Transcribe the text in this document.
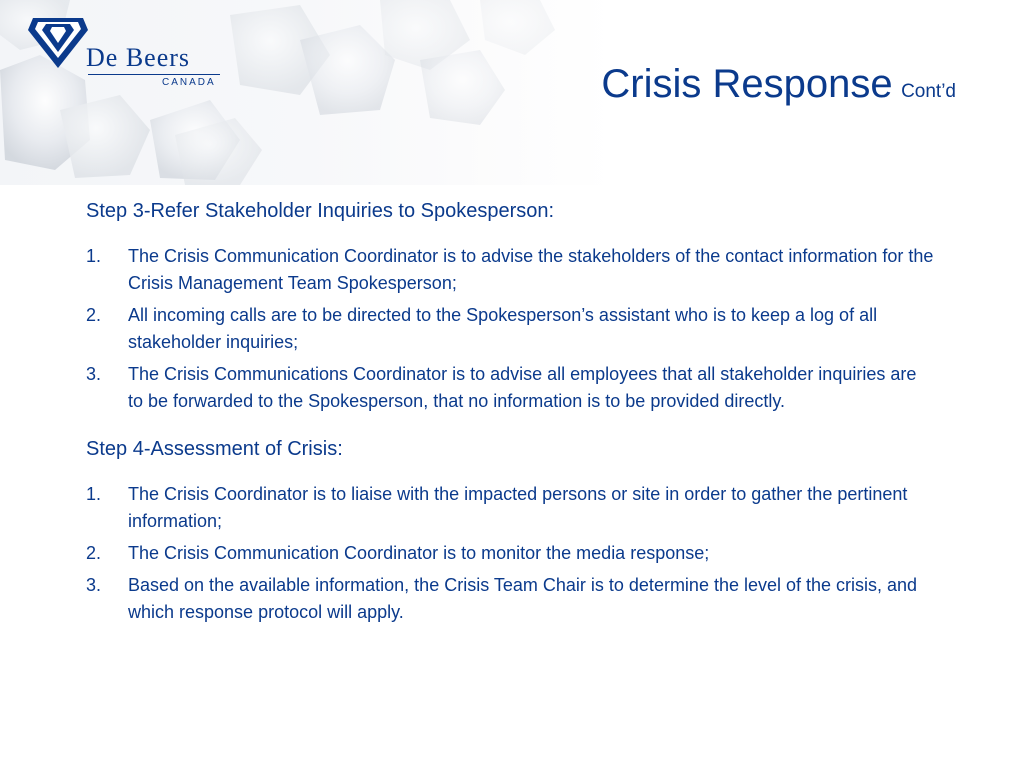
De Beers
CANADA	Crisis Response Cont’d
Step 3-Refer Stakeholder Inquiries to Spokesperson:
1. The Crisis Communication Coordinator is to advise the stakeholders of the contact information for the Crisis Management Team Spokesperson;
2. All incoming calls are to be directed to the Spokesperson’s assistant who is to keep a log of all stakeholder inquiries;
3. The Crisis Communications Coordinator is to advise all employees that all stakeholder inquiries are to be forwarded to the Spokesperson, that no information is to be provided directly.
Step 4-Assessment of Crisis:
1. The Crisis Coordinator is to liaise with the impacted persons or site in order to gather the pertinent information;
2. The Crisis Communication Coordinator is to monitor the media response;
3. Based on the available information, the Crisis Team Chair is to determine the level of the crisis, and which response protocol will apply.
